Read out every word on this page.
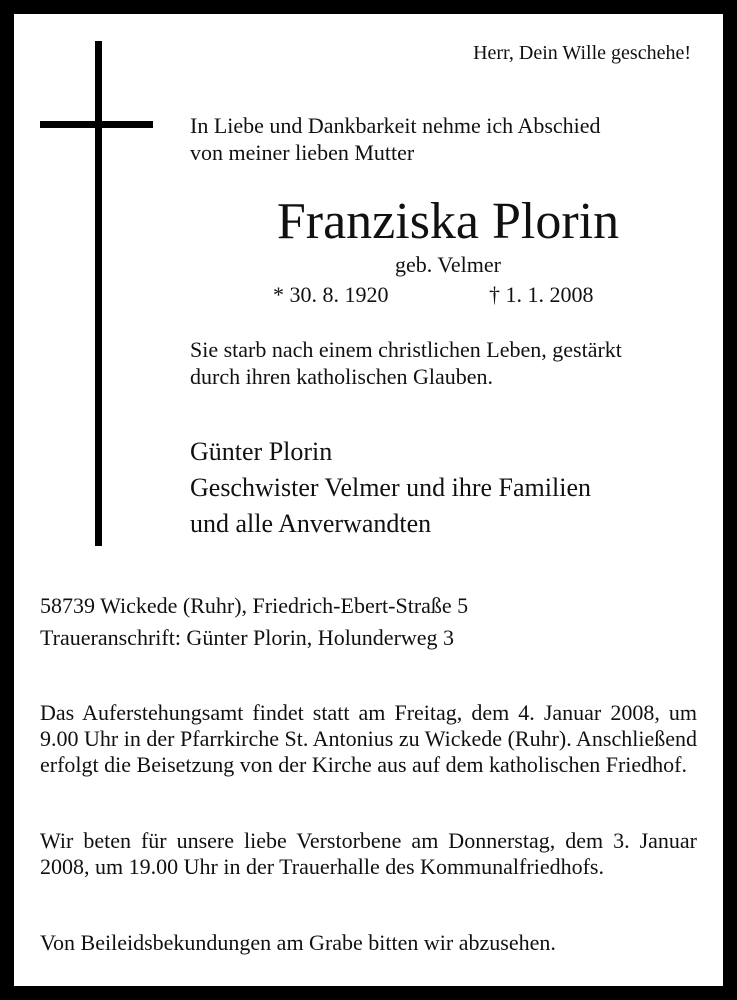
Herr, Dein Wille geschehe!
In Liebe und Dankbarkeit nehme ich Abschied
von meiner lieben Mutter
Franziska Plorin
geb. Velmer
* 30. 8. 1920	† 1. 1. 2008
Sie starb nach einem christlichen Leben, gestärkt
durch ihren katholischen Glauben.
Günter Plorin
Geschwister Velmer und ihre Familien
und alle Anverwandten
58739 Wickede (Ruhr), Friedrich-Ebert-Straße 5
Traueranschrift: Günter Plorin, Holunderweg 3
Das Auferstehungsamt findet statt am Freitag, dem 4. Januar 2008, um 9.00 Uhr in der Pfarrkirche St. Antonius zu Wickede (Ruhr). Anschließend erfolgt die Beisetzung von der Kirche aus auf dem katholischen Friedhof.
Wir beten für unsere liebe Verstorbene am Donnerstag, dem 3. Januar 2008, um 19.00 Uhr in der Trauerhalle des Kommunalfriedhofs.
Von Beileidsbekundungen am Grabe bitten wir abzusehen.
